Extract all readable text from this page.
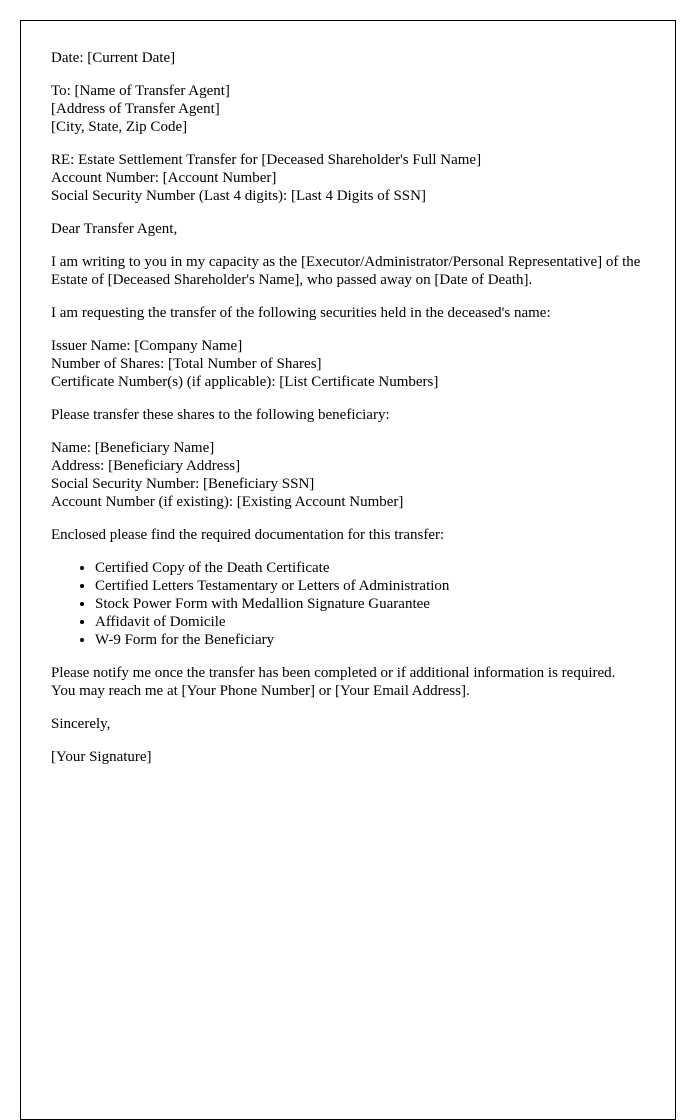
Date: [Current Date]
To: [Name of Transfer Agent]
[Address of Transfer Agent]
[City, State, Zip Code]
RE: Estate Settlement Transfer for [Deceased Shareholder's Full Name]
Account Number: [Account Number]
Social Security Number (Last 4 digits): [Last 4 Digits of SSN]
Dear Transfer Agent,

I am writing to you in my capacity as the [Executor/Administrator/Personal Representative] of the Estate of [Deceased Shareholder's Name], who passed away on [Date of Death].

I am requesting the transfer of the following securities held in the deceased's name:

Issuer Name: [Company Name]
Number of Shares: [Total Number of Shares]
Certificate Number(s) (if applicable): [List Certificate Numbers]

Please transfer these shares to the following beneficiary:

Name: [Beneficiary Name]
Address: [Beneficiary Address]
Social Security Number: [Beneficiary SSN]
Account Number (if existing): [Existing Account Number]

Enclosed please find the required documentation for this transfer:

• Certified Copy of the Death Certificate
• Certified Letters Testamentary or Letters of Administration
• Stock Power Form with Medallion Signature Guarantee
• Affidavit of Domicile
• W-9 Form for the Beneficiary

Please notify me once the transfer has been completed or if additional information is required. You may reach me at [Your Phone Number] or [Your Email Address].

Sincerely,
[Your Signature]
